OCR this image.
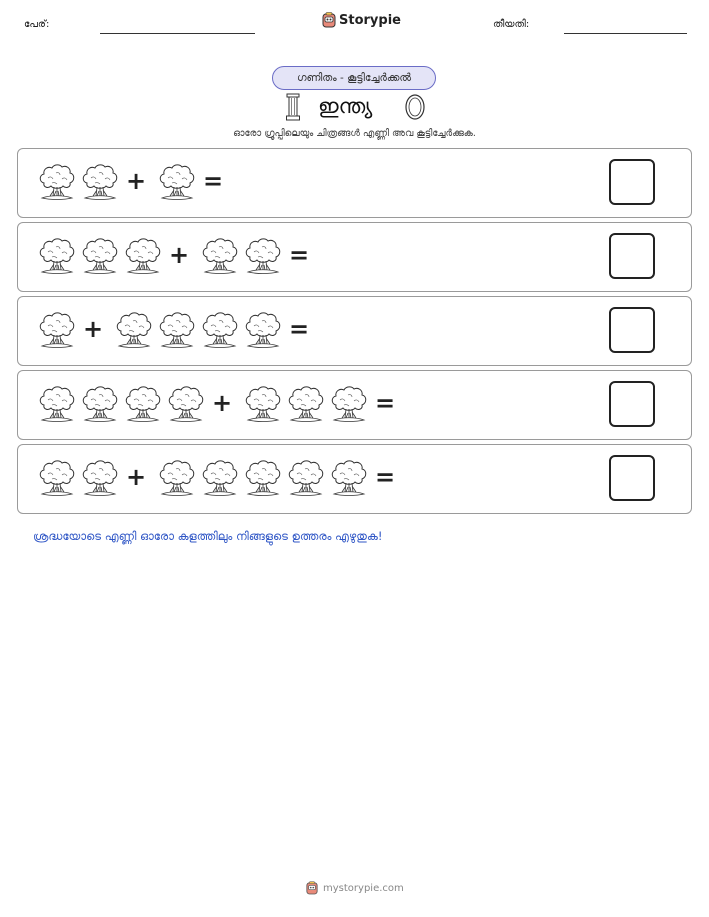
പേര്:	Storypie	തീയതി:
ഗണിതം - കൂട്ടിച്ചേർക്കൽ
ഇന്ത്യ
ഓരോ ഗ്രൂപ്പിലെയും ചിത്രങ്ങൾ എണ്ണി അവ കൂട്ടിച്ചേർക്കുക.
+ =
+	=
+	=
+	=
+	=
ശ്രദ്ധയോടെ എണ്ണി ഓരോ കളത്തിലും നിങ്ങളുടെ ഉത്തരം എഴുതുക!
mystorypie.com
